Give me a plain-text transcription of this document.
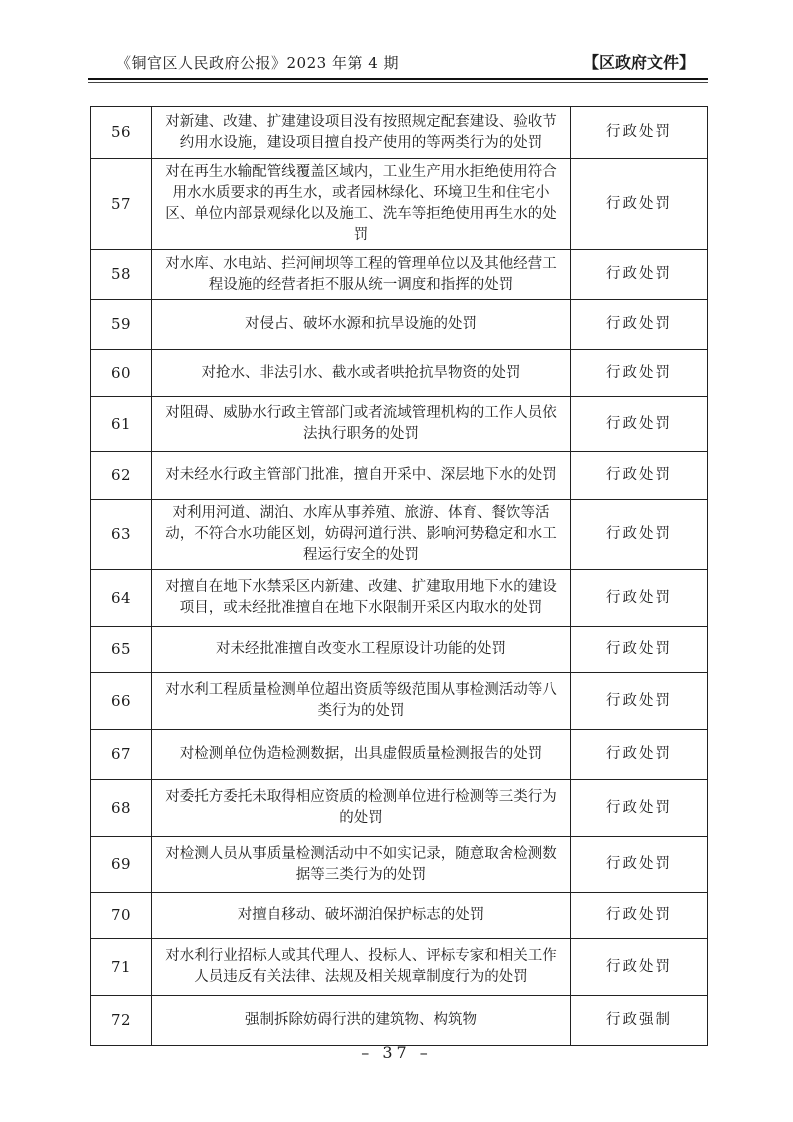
《铜官区人民政府公报》2023 年第 4 期	【区政府文件】
56	对新建、改建、扩建建设项目没有按照规定配套建设、验收节约用水设施，建设项目擅自投产使用的等两类行为的处罚	行政处罚
57	对在再生水输配管线覆盖区域内，工业生产用水拒绝使用符合用水水质要求的再生水，或者园林绿化、环境卫生和住宅小区、单位内部景观绿化以及施工、洗车等拒绝使用再生水的处罚	行政处罚
58	对水库、水电站、拦河闸坝等工程的管理单位以及其他经营工程设施的经营者拒不服从统一调度和指挥的处罚	行政处罚
59	对侵占、破坏水源和抗旱设施的处罚	行政处罚
60	对抢水、非法引水、截水或者哄抢抗旱物资的处罚	行政处罚
61	对阻碍、威胁水行政主管部门或者流域管理机构的工作人员依法执行职务的处罚	行政处罚
62	对未经水行政主管部门批准，擅自开采中、深层地下水的处罚	行政处罚
63	对利用河道、湖泊、水库从事养殖、旅游、体育、餐饮等活动，不符合水功能区划，妨碍河道行洪、影响河势稳定和水工程运行安全的处罚	行政处罚
64	对擅自在地下水禁采区内新建、改建、扩建取用地下水的建设项目，或未经批准擅自在地下水限制开采区内取水的处罚	行政处罚
65	对未经批准擅自改变水工程原设计功能的处罚	行政处罚
66	对水利工程质量检测单位超出资质等级范围从事检测活动等八类行为的处罚	行政处罚
67	对检测单位伪造检测数据，出具虚假质量检测报告的处罚	行政处罚
68	对委托方委托未取得相应资质的检测单位进行检测等三类行为的处罚	行政处罚
69	对检测人员从事质量检测活动中不如实记录，随意取舍检测数据等三类行为的处罚	行政处罚
70	对擅自移动、破坏湖泊保护标志的处罚	行政处罚
71	对水利行业招标人或其代理人、投标人、评标专家和相关工作人员违反有关法律、法规及相关规章制度行为的处罚	行政处罚
72	强制拆除妨碍行洪的建筑物、构筑物	行政强制
– 37 –
